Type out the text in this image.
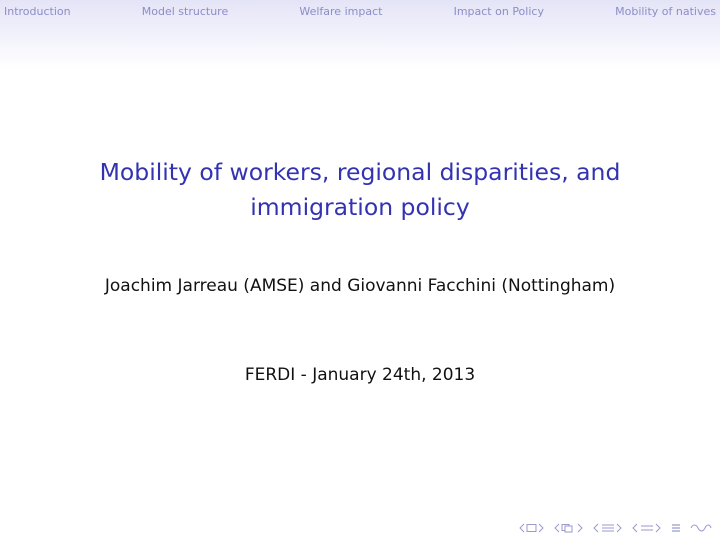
Introduction	Model structure	Welfare impact	Impact on Policy	Mobility of natives
Mobility of workers, regional disparities, and
immigration policy
Joachim Jarreau (AMSE) and Giovanni Facchini (Nottingham)
FERDI - January 24th, 2013
